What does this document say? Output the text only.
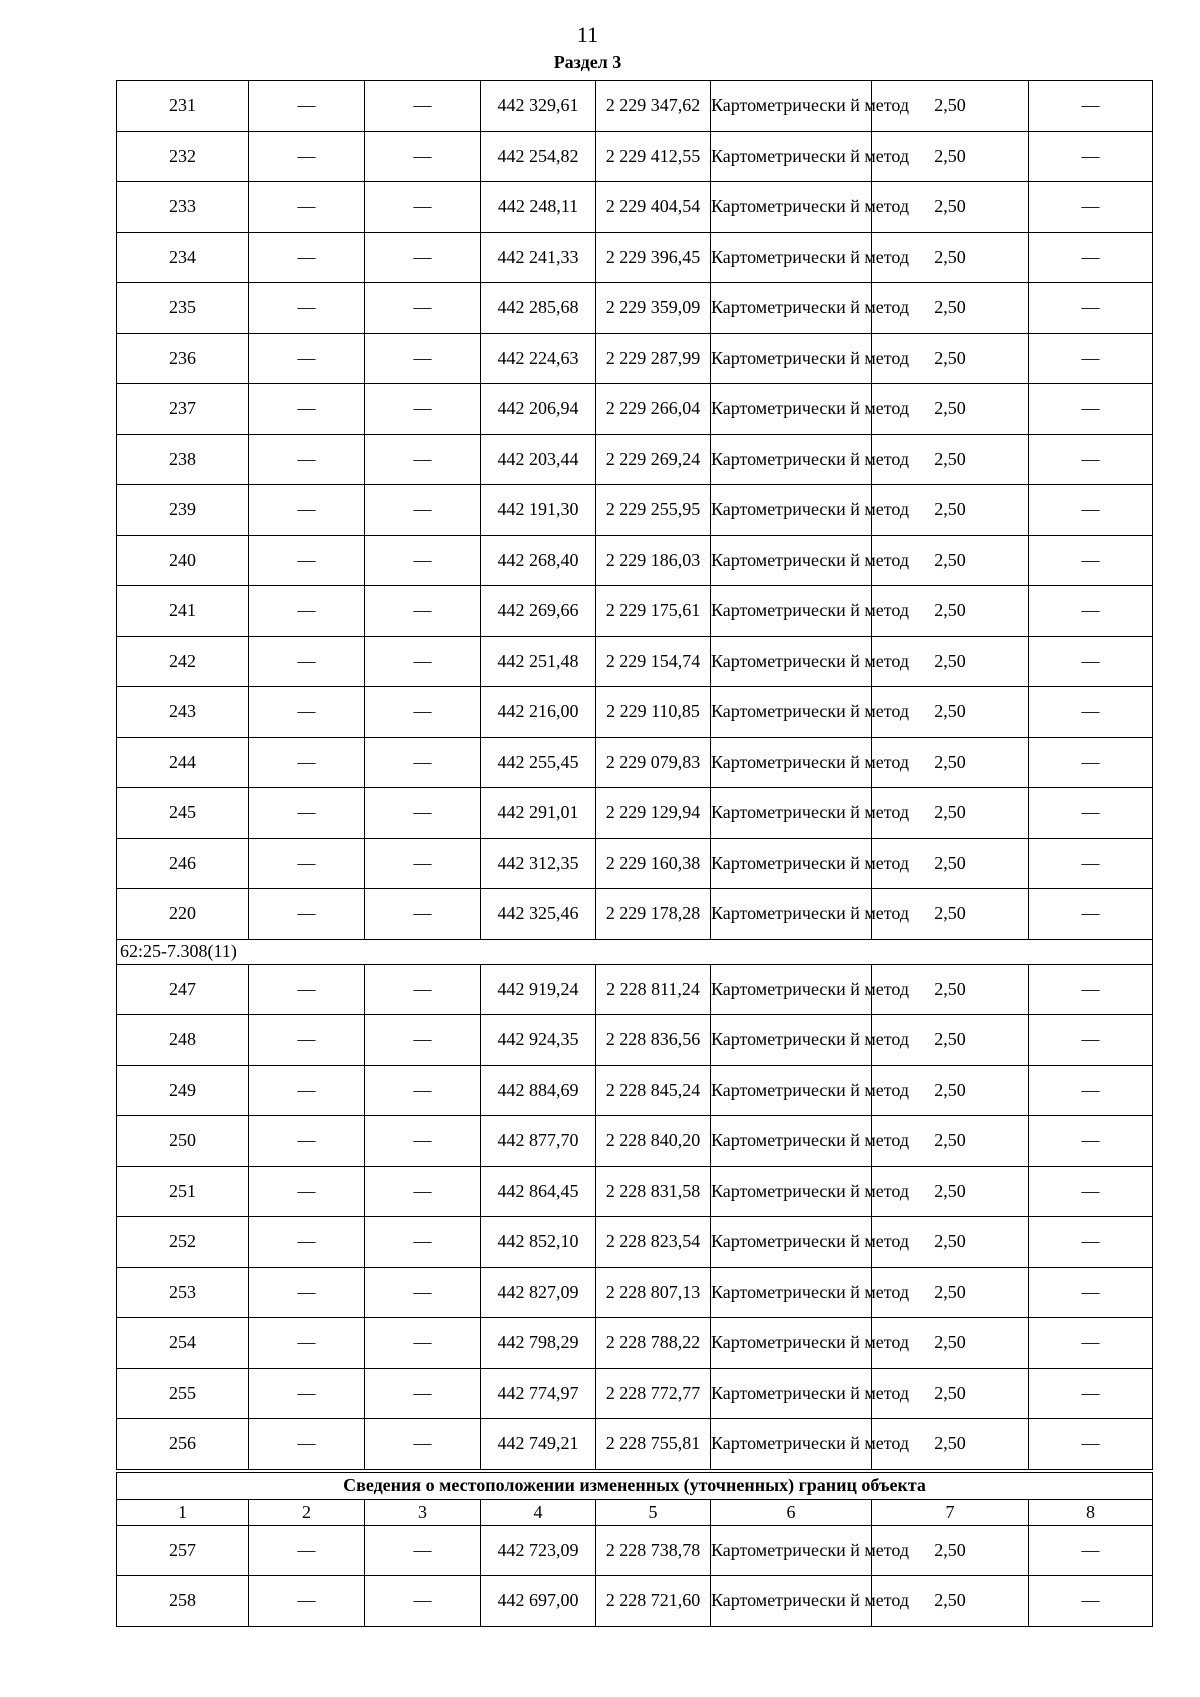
11
Раздел 3
231	—	—	442 329,61	2 229 347,62	Картометрически й метод	2,50	—
232	—	—	442 254,82	2 229 412,55	Картометрически й метод	2,50	—
233	—	—	442 248,11	2 229 404,54	Картометрически й метод	2,50	—
234	—	—	442 241,33	2 229 396,45	Картометрически й метод	2,50	—
235	—	—	442 285,68	2 229 359,09	Картометрически й метод	2,50	—
236	—	—	442 224,63	2 229 287,99	Картометрически й метод	2,50	—
237	—	—	442 206,94	2 229 266,04	Картометрически й метод	2,50	—
238	—	—	442 203,44	2 229 269,24	Картометрически й метод	2,50	—
239	—	—	442 191,30	2 229 255,95	Картометрически й метод	2,50	—
240	—	—	442 268,40	2 229 186,03	Картометрически й метод	2,50	—
241	—	—	442 269,66	2 229 175,61	Картометрически й метод	2,50	—
242	—	—	442 251,48	2 229 154,74	Картометрически й метод	2,50	—
243	—	—	442 216,00	2 229 110,85	Картометрически й метод	2,50	—
244	—	—	442 255,45	2 229 079,83	Картометрически й метод	2,50	—
245	—	—	442 291,01	2 229 129,94	Картометрически й метод	2,50	—
246	—	—	442 312,35	2 229 160,38	Картометрически й метод	2,50	—
220	—	—	442 325,46	2 229 178,28	Картометрически й метод	2,50	—
62:25-7.308(11)							
247	—	—	442 919,24	2 228 811,24	Картометрически й метод	2,50	—
248	—	—	442 924,35	2 228 836,56	Картометрически й метод	2,50	—
249	—	—	442 884,69	2 228 845,24	Картометрически й метод	2,50	—
250	—	—	442 877,70	2 228 840,20	Картометрически й метод	2,50	—
251	—	—	442 864,45	2 228 831,58	Картометрически й метод	2,50	—
252	—	—	442 852,10	2 228 823,54	Картометрически й метод	2,50	—
253	—	—	442 827,09	2 228 807,13	Картометрически й метод	2,50	—
254	—	—	442 798,29	2 228 788,22	Картометрически й метод	2,50	—
255	—	—	442 774,97	2 228 772,77	Картометрически й метод	2,50	—
256	—	—	442 749,21	2 228 755,81	Картометрически й метод	2,50	—
Сведения о местоположении измененных (уточненных) границ объекта							
1	2	3	4	5	6	7	8
257	—	—	442 723,09	2 228 738,78	Картометрически й метод	2,50	—
258	—	—	442 697,00	2 228 721,60	Картометрически й метод	2,50	—
